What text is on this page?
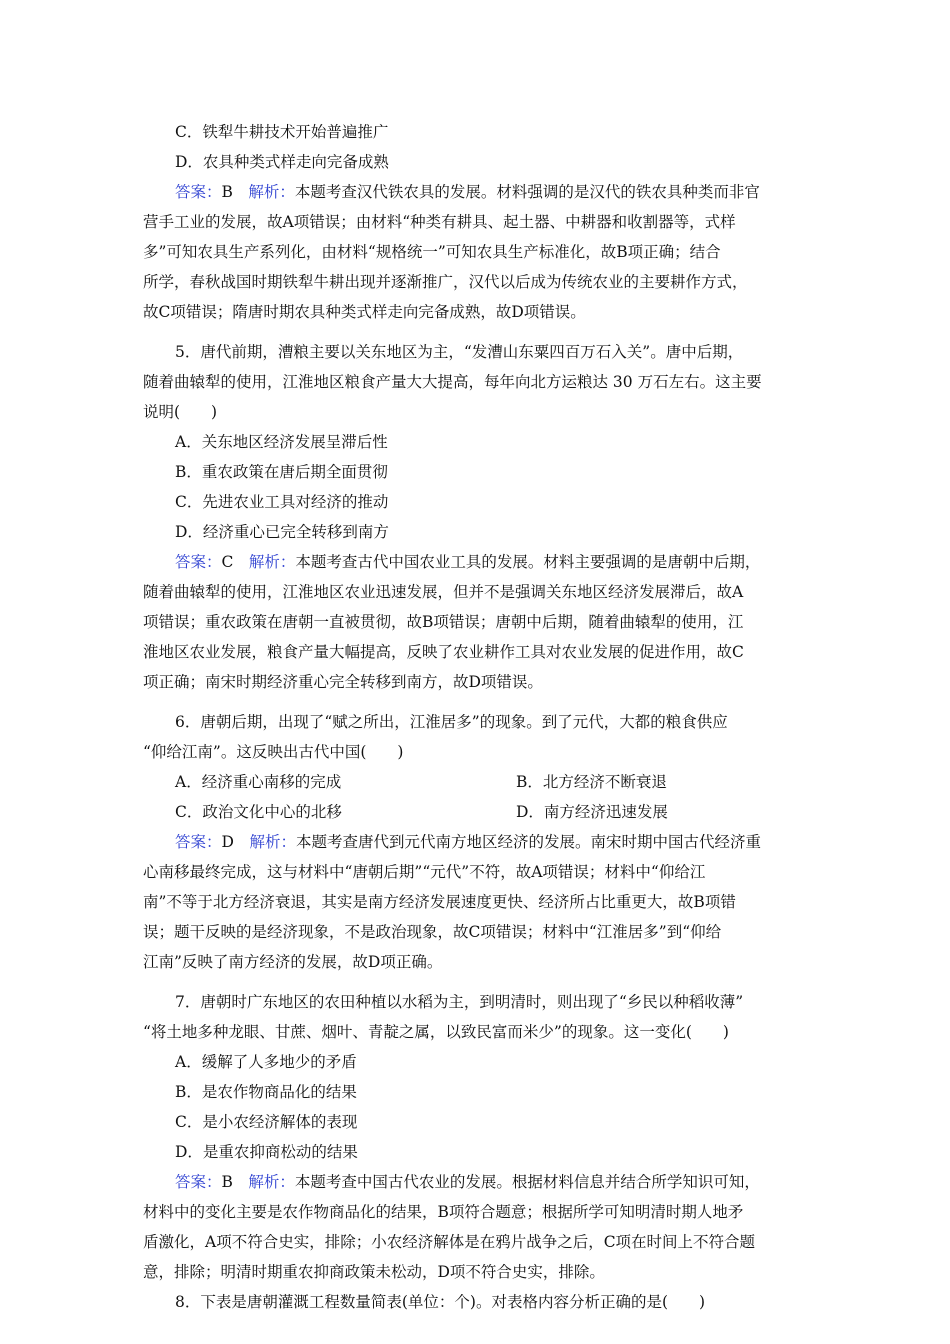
C．铁犁牛耕技术开始普遍推广
D．农具种类式样走向完备成熟
答案：B　解析：本题考查汉代铁农具的发展。材料强调的是汉代的铁农具种类而非官
营手工业的发展，故A项错误；由材料“种类有耕具、起土器、中耕器和收割器等，式样
多”可知农具生产系列化，由材料“规格统一”可知农具生产标准化，故B项正确；结合
所学，春秋战国时期铁犁牛耕出现并逐渐推广，汉代以后成为传统农业的主要耕作方式，
故C项错误；隋唐时期农具种类式样走向完备成熟，故D项错误。
5．唐代前期，漕粮主要以关东地区为主，“发漕山东粟四百万石入关”。唐中后期，
随着曲辕犁的使用，江淮地区粮食产量大大提高，每年向北方运粮达 30 万石左右。这主要
说明(　　)
A．关东地区经济发展呈滞后性
B．重农政策在唐后期全面贯彻
C．先进农业工具对经济的推动
D．经济重心已完全转移到南方
答案：C　解析：本题考查古代中国农业工具的发展。材料主要强调的是唐朝中后期，
随着曲辕犁的使用，江淮地区农业迅速发展，但并不是强调关东地区经济发展滞后，故A
项错误；重农政策在唐朝一直被贯彻，故B项错误；唐朝中后期，随着曲辕犁的使用，江
淮地区农业发展，粮食产量大幅提高，反映了农业耕作工具对农业发展的促进作用，故C
项正确；南宋时期经济重心完全转移到南方，故D项错误。
6．唐朝后期，出现了“赋之所出，江淮居多”的现象。到了元代，大都的粮食供应
“仰给江南”。这反映出古代中国(　　)
A．经济重心南移的完成	B．北方经济不断衰退
C．政治文化中心的北移	D．南方经济迅速发展
答案：D　解析：本题考查唐代到元代南方地区经济的发展。南宋时期中国古代经济重
心南移最终完成，这与材料中“唐朝后期”“元代”不符，故A项错误；材料中“仰给江
南”不等于北方经济衰退，其实是南方经济发展速度更快、经济所占比重更大，故B项错
误；题干反映的是经济现象，不是政治现象，故C项错误；材料中“江淮居多”到“仰给
江南”反映了南方经济的发展，故D项正确。
7．唐朝时广东地区的农田种植以水稻为主，到明清时，则出现了“乡民以种稻收薄”
“将土地多种龙眼、甘蔗、烟叶、青靛之属，以致民富而米少”的现象。这一变化(　　)
A．缓解了人多地少的矛盾
B．是农作物商品化的结果
C．是小农经济解体的表现
D．是重农抑商松动的结果
答案：B　解析：本题考查中国古代农业的发展。根据材料信息并结合所学知识可知，
材料中的变化主要是农作物商品化的结果，B项符合题意；根据所学可知明清时期人地矛
盾激化，A项不符合史实，排除；小农经济解体是在鸦片战争之后，C项在时间上不符合题
意，排除；明清时期重农抑商政策未松动，D项不符合史实，排除。
8．下表是唐朝灌溉工程数量简表(单位：个)。对表格内容分析正确的是(　　)
